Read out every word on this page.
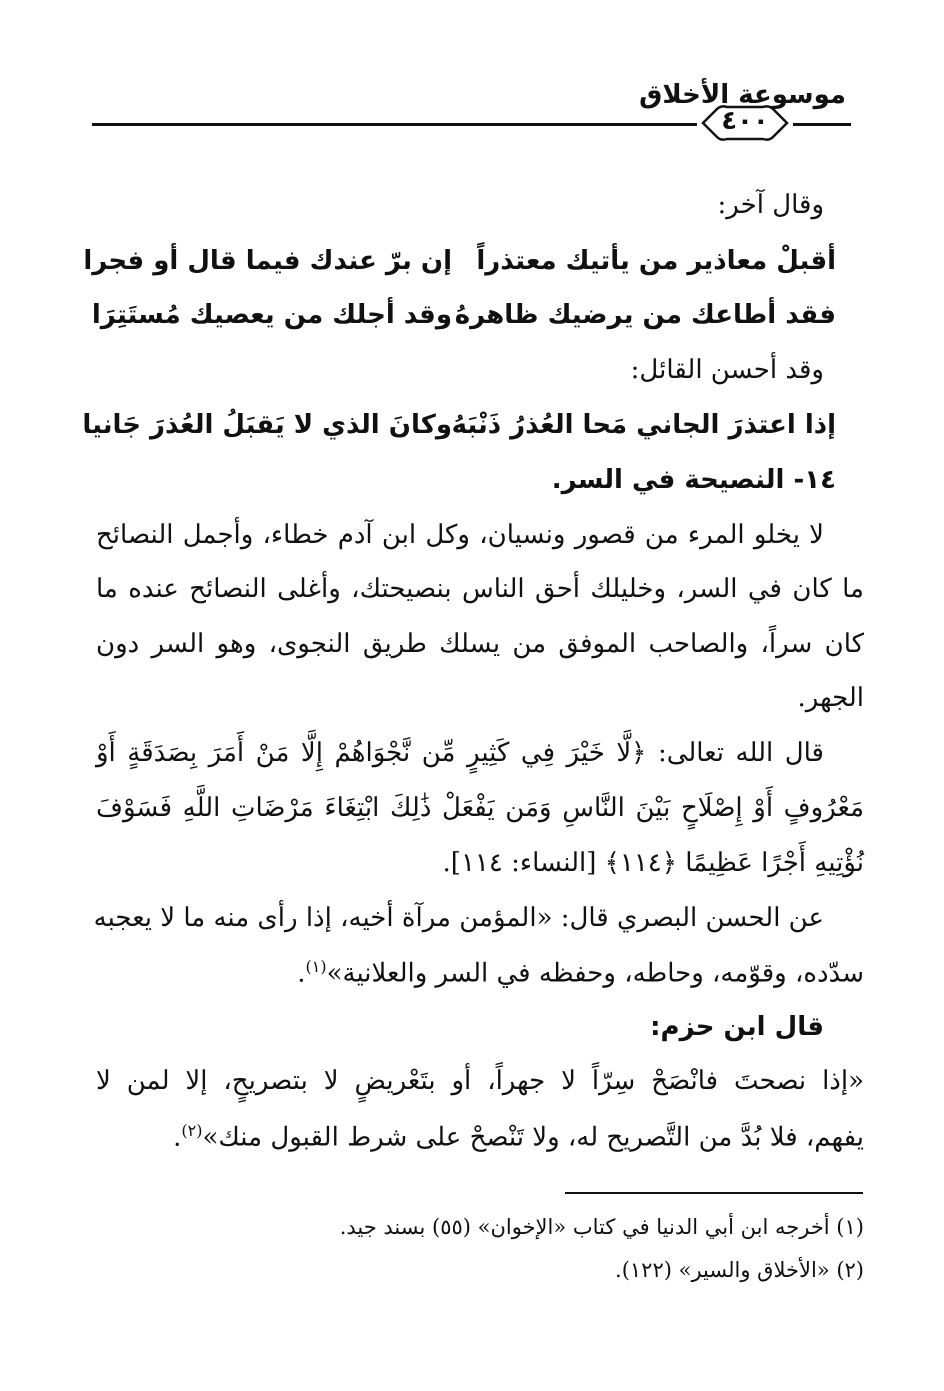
موسوعة الأخلاق
٤٠٠
وقال آخر:
أقبلْ معاذير من يأتيك معتذراً
إن برّ عندك فيما قال أو فجرا
فقد أطاعك من يرضيك ظاهرهُ
وقد أجلك من يعصيك مُستَتِرَا
وقد أحسن القائل:
إذا اعتذرَ الجاني مَحا العُذرُ ذَنْبَهُ
وكانَ الذي لا يَقبَلُ العُذرَ جَانيا
١٤- النصيحة في السر.
لا يخلو المرء من قصور ونسيان، وكل ابن آدم خطاء، وأجمل النصائح
ما كان في السر، وخليلك أحق الناس بنصيحتك، وأغلى النصائح عنده ما
كان سراً، والصاحب الموفق من يسلك طريق النجوى، وهو السر دون
الجهر.
قال الله تعالى: ﴿لَّا خَيْرَ فِي كَثِيرٍ مِّن نَّجْوَاهُمْ إِلَّا مَنْ أَمَرَ بِصَدَقَةٍ أَوْ
مَعْرُوفٍ أَوْ إِصْلَاحٍ بَيْنَ النَّاسِ وَمَن يَفْعَلْ ذَٰلِكَ ابْتِغَاءَ مَرْضَاتِ اللَّهِ فَسَوْفَ
نُؤْتِيهِ أَجْرًا عَظِيمًا ﴿١١٤﴾ [النساء: ١١٤].
عن الحسن البصري قال: «المؤمن مرآة أخيه، إذا رأى منه ما لا يعجبه
سدّده، وقوّمه، وحاطه، وحفظه في السر والعلانية»$^{(١)}$.
قال ابن حزم:
«إذا نصحتَ فانْصَحْ سِرّاً لا جهراً، أو بتَعْريضٍ لا بتصريحٍ، إلا لمن لا
يفهم، فلا بُدَّ من التَّصريح له، ولا تَنْصحْ على شرط القبول منك»$^{(٢)}$.
(١) أخرجه ابن أبي الدنيا في كتاب «الإخوان» (٥٥) بسند جيد.
(٢) «الأخلاق والسير» (١٢٢).
